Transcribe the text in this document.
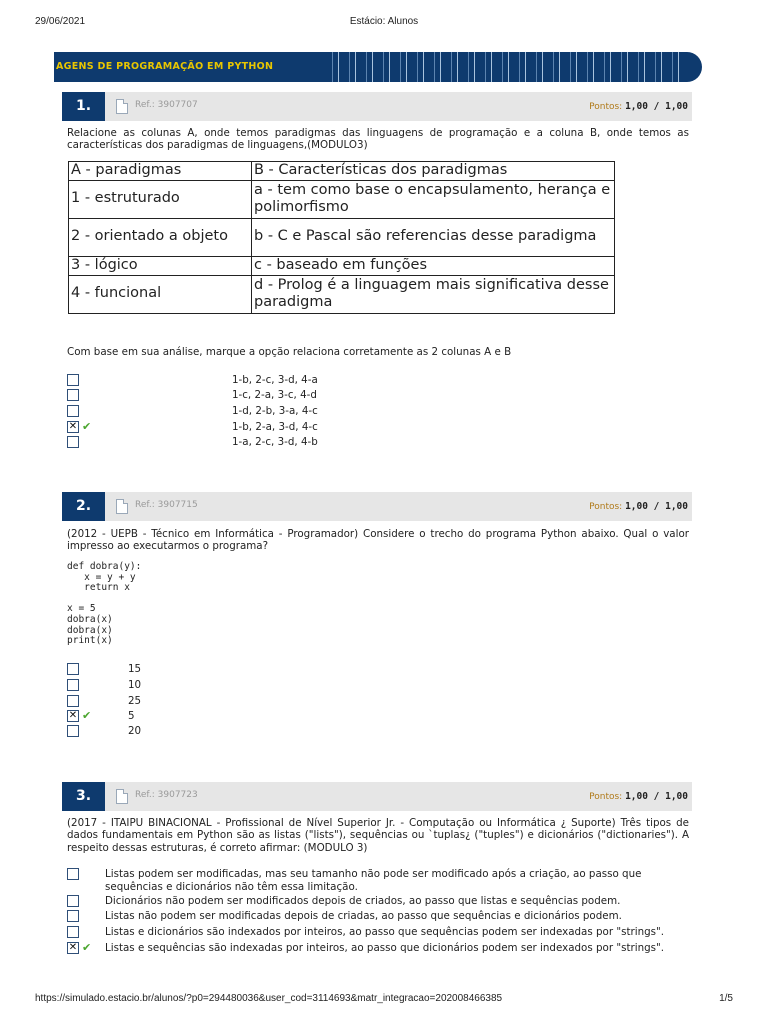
29/06/2021	Estácio: Alunos
AGENS DE PROGRAMAÇÃO EM PYTHON
1.	Ref.: 3907707	Pontos: 1,00 / 1,00
Relacione as colunas A, onde temos paradigmas das linguagens de programação e a coluna B, onde temos as características dos paradigmas de linguagens,(MODULO3)
A - paradigmas	B - Características dos paradigmas
1 - estruturado	a - tem como base o encapsulamento, herança e polimorfismo
2 - orientado a objeto	b - C e Pascal são referencias desse paradigma
3 - lógico	c - baseado em funções
4 - funcional	d - Prolog é a linguagem mais significativa desse paradigma
Com base em sua análise, marque a opção relaciona corretamente as 2 colunas A e B
1-b, 2-c, 3-d, 4-a
1-c, 2-a, 3-c, 4-d
1-d, 2-b, 3-a, 4-c
✕ ✔	1-b, 2-a, 3-d, 4-c
1-a, 2-c, 3-d, 4-b
2.	Ref.: 3907715	Pontos: 1,00 / 1,00
(2012 - UEPB - Técnico em Informática - Programador) Considere o trecho do programa Python abaixo. Qual o valor impresso ao executarmos o programa?
def dobra(y):
x = y + y
return x

x = 5
dobra(x)
dobra(x)
print(x)
15
10
25
✕ ✔	5
20
3.	Ref.: 3907723	Pontos: 1,00 / 1,00
(2017 - ITAIPU BINACIONAL - Profissional de Nível Superior Jr. - Computação ou Informática ¿ Suporte) Três tipos de dados fundamentais em Python são as listas ("lists"), sequências ou `tuplas¿ ("tuples") e dicionários ("dictionaries"). A respeito dessas estruturas, é correto afirmar: (MODULO 3)
Listas podem ser modificadas, mas seu tamanho não pode ser modificado após a criação, ao passo que sequências e dicionários não têm essa limitação.
Dicionários não podem ser modificados depois de criados, ao passo que listas e sequências podem.
Listas não podem ser modificadas depois de criadas, ao passo que sequências e dicionários podem.
Listas e dicionários são indexados por inteiros, ao passo que sequências podem ser indexadas por "strings".
✕ ✔ Listas e sequências são indexadas por inteiros, ao passo que dicionários podem ser indexados por "strings".
https://simulado.estacio.br/alunos/?p0=294480036&user_cod=3114693&matr_integracao=202008466385	1/5
